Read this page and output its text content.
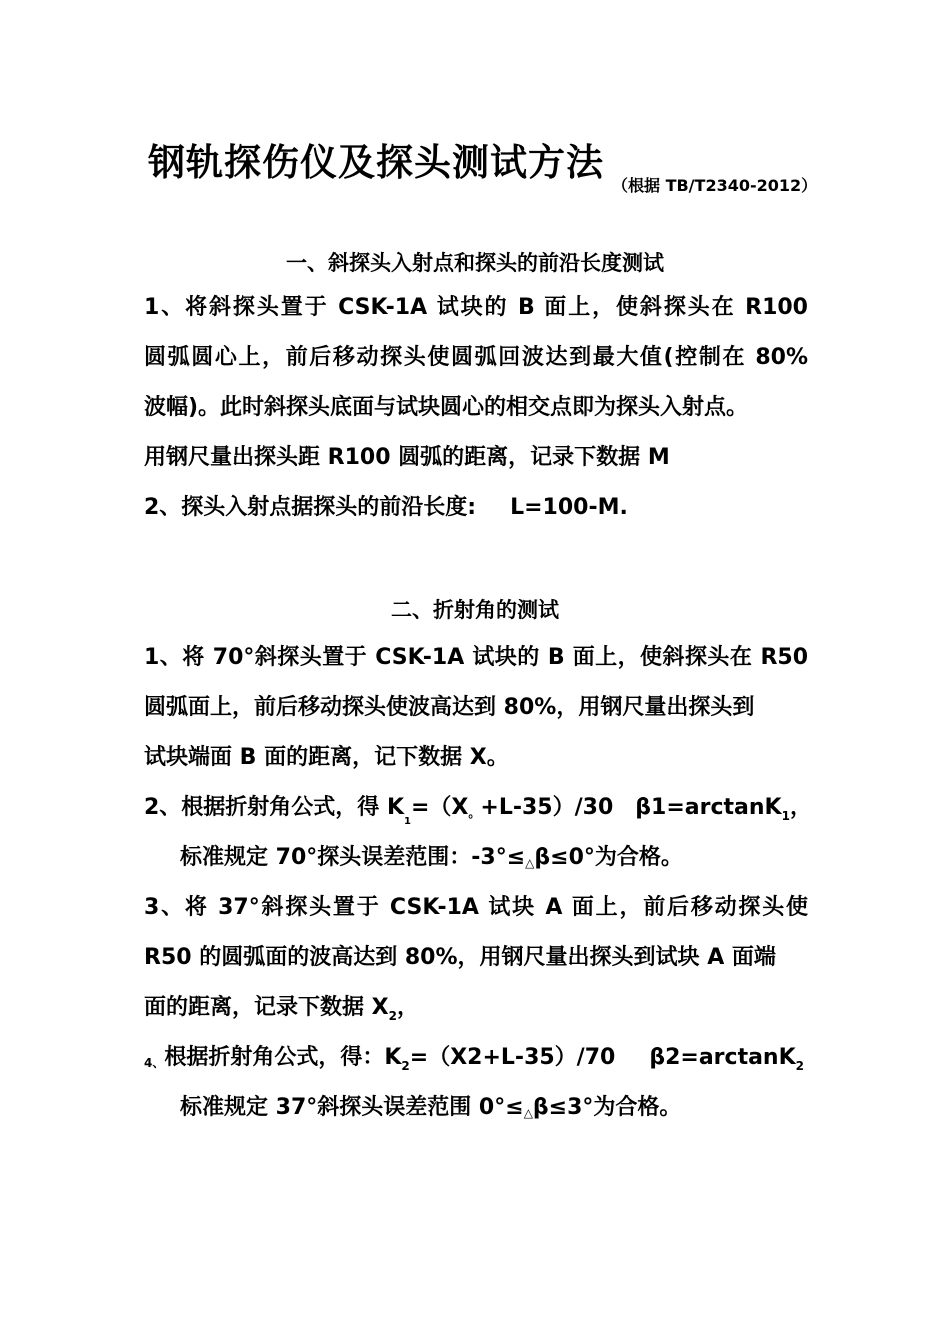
钢轨探伤仪及探头测试方法
（根据 TB/T2340-2012）
一、斜探头入射点和探头的前沿长度测试
1、将斜探头置于 CSK-1A 试块的 B 面上，使斜探头在 R100
圆弧圆心上，前后移动探头使圆弧回波达到最大值(控制在 80%
波幅)。此时斜探头底面与试块圆心的相交点即为探头入射点。
用钢尺量出探头距 R100 圆弧的距离，记录下数据 M
2、探头入射点据探头的前沿长度: L=100-M.
二、折射角的测试
1、将 70°斜探头置于 CSK-1A 试块的 B 面上，使斜探头在 R50
圆弧面上，前后移动探头使波高达到 80%，用钢尺量出探头到
试块端面 B 面的距离，记下数据 X。
2、根据折射角公式，得 $K_1=(X$。+L-35）/30 β1=arctanK$_1$，
标准规定 70°探头误差范围：-3°≤△β≤0°为合格。
3、将 37°斜探头置于 CSK-1A 试块 A 面上，前后移动探头使
R50 的圆弧面的波高达到 80%，用钢尺量出探头到试块 A 面端
面的距离，记录下数据 $X_2$，
4、根据折射角公式，得：$K_2=(X2+L-35)/70$ β2=arctanK$_2$
标准规定 37°斜探头误差范围 0°≤△β≤3°为合格。
